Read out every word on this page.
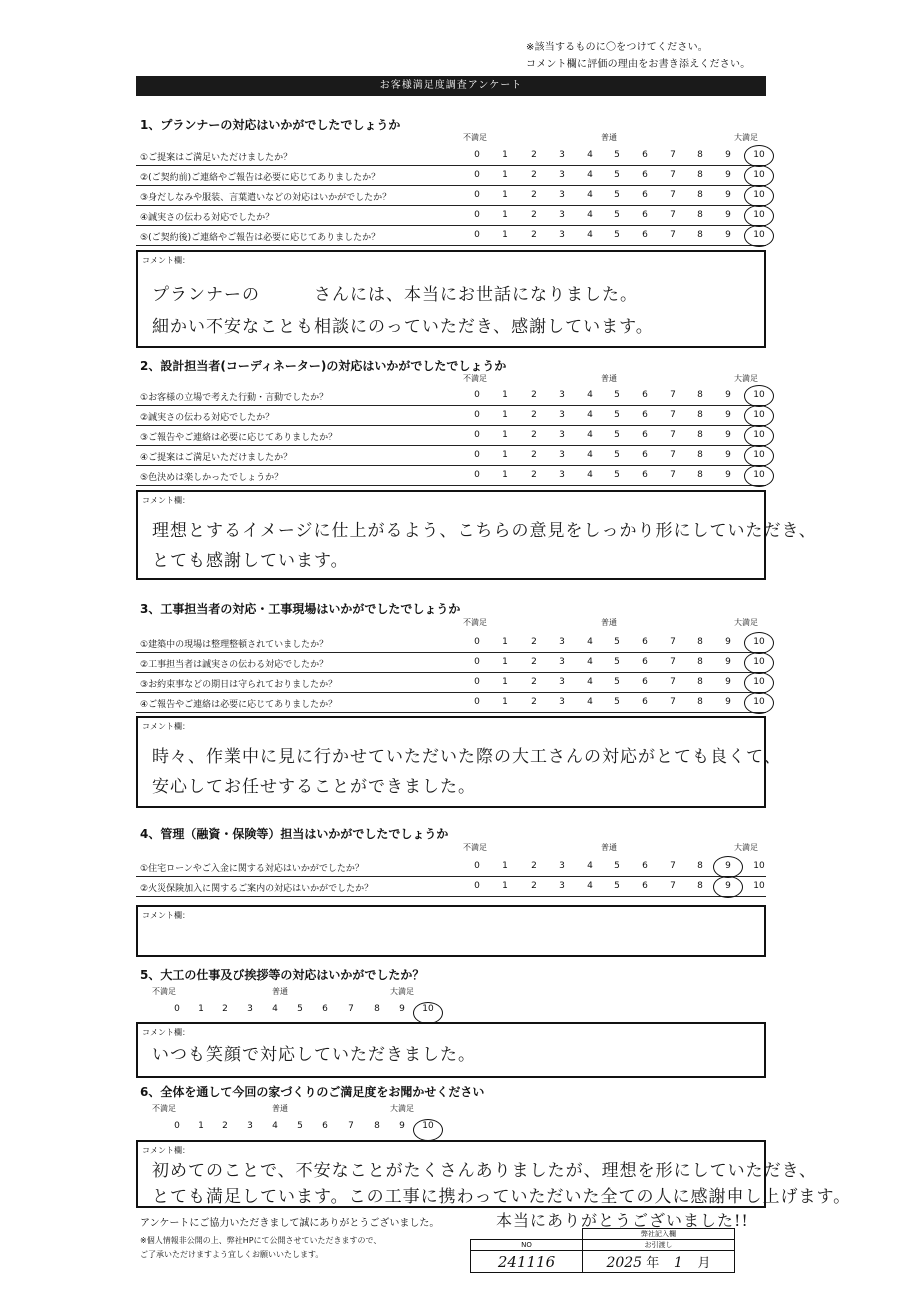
※該当するものに〇をつけてください。
コメント欄に評価の理由をお書き添えください。
お客様満足度調査アンケート
1、プランナーの対応はいかがでしたでしょうか
不満足	普通	大満足
①ご提案はご満足いただけましたか？	0	1	2	3	4	5	6	7	8	9	10
②(ご契約前)ご連絡やご報告は必要に応じてありましたか？	0	1	2	3	4	5	6	7	8	9	10
③身だしなみや服装、言葉遣いなどの対応はいかがでしたか？	0	1	2	3	4	5	6	7	8	9	10
④誠実さの伝わる対応でしたか？	0	1	2	3	4	5	6	7	8	9	10
⑤(ご契約後)ご連絡やご報告は必要に応じてありましたか？	0	1	2	3	4	5	6	7	8	9	10
コメント欄：
プランナーの　　　さんには、本当にお世話になりました。
細かい不安なことも相談にのっていただき、感謝しています。
2、設計担当者(コーディネーター)の対応はいかがでしたでしょうか
不満足	普通	大満足
①お客様の立場で考えた行動・言動でしたか？	0	1	2	3	4	5	6	7	8	9	10
②誠実さの伝わる対応でしたか？	0	1	2	3	4	5	6	7	8	9	10
③ご報告やご連絡は必要に応じてありましたか？	0	1	2	3	4	5	6	7	8	9	10
④ご提案はご満足いただけましたか？	0	1	2	3	4	5	6	7	8	9	10
⑤色決めは楽しかったでしょうか？	0	1	2	3	4	5	6	7	8	9	10
コメント欄：
理想とするイメージに仕上がるよう、こちらの意見をしっかり形にしていただき、
とても感謝しています。
3、工事担当者の対応・工事現場はいかがでしたでしょうか
不満足	普通	大満足
①建築中の現場は整理整頓されていましたか？	0	1	2	3	4	5	6	7	8	9	10
②工事担当者は誠実さの伝わる対応でしたか？	0	1	2	3	4	5	6	7	8	9	10
③お約束事などの期日は守られておりましたか？	0	1	2	3	4	5	6	7	8	9	10
④ご報告やご連絡は必要に応じてありましたか？	0	1	2	3	4	5	6	7	8	9	10
コメント欄：
時々、作業中に見に行かせていただいた際の大工さんの対応がとても良くて、
安心してお任せすることができました。
4、管理（融資・保険等）担当はいかがでしたでしょうか
不満足	普通	大満足
①住宅ローンやご入金に関する対応はいかがでしたか？	0	1	2	3	4	5	6	7	8	9	10
②火災保険加入に関するご案内の対応はいかがでしたか？	0	1	2	3	4	5	6	7	8	9	10
コメント欄：
5、大工の仕事及び挨拶等の対応はいかがでしたか？
不満足	普通	大満足
0	1	2	3	4	5	6	7	8	9	10
コメント欄：
いつも笑顔で対応していただきました。
6、全体を通して今回の家づくりのご満足度をお聞かせください
不満足	普通	大満足
0	1	2	3	4	5	6	7	8	9	10
コメント欄：
初めてのことで、不安なことがたくさんありましたが、理想を形にしていただき、
とても満足しています。この工事に携わっていただいた全ての人に感謝申し上げます。
アンケートにご協力いただきまして誠にありがとうございました。	本当にありがとうございました!!
※個人情報非公開の上、弊社HPにて公開させていただきますので、
ご了承いただけますよう宜しくお願いいたします。
	弊社記入欄
NO	お引渡し
241116	2025 年 1 月
